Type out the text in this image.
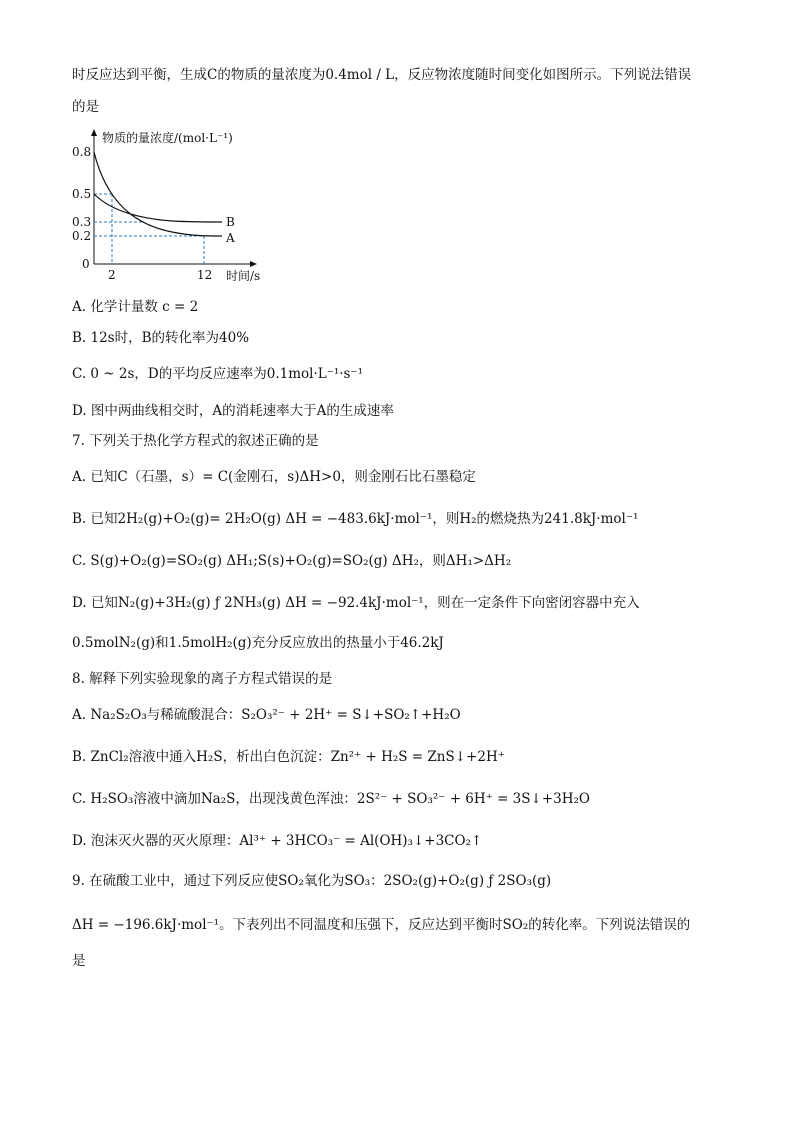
时反应达到平衡，生成C的物质的量浓度为0.4mol / L，反应物浓度随时间变化如图所示。下列说法错误
的是
物质的量浓度/(mol·L⁻¹)
时间/s
0
0.8
0.5
0.3
0.2
2	12
B
A
A. 化学计量数 c = 2
B. 12s时，B的转化率为40%
C. 0 ~ 2s，D的平均反应速率为0.1mol·L⁻¹·s⁻¹
D. 图中两曲线相交时，A的消耗速率大于A的生成速率
7. 下列关于热化学方程式的叙述正确的是
A. 已知C（石墨，s）= C(金刚石，s)ΔH>0，则金刚石比石墨稳定
B. 已知2H₂(g)+O₂(g)= 2H₂O(g) ΔH = −483.6kJ·mol⁻¹，则H₂的燃烧热为241.8kJ·mol⁻¹
C. S(g)+O₂(g)=SO₂(g) ΔH₁;S(s)+O₂(g)=SO₂(g) ΔH₂，则ΔH₁>ΔH₂
D. 已知N₂(g)+3H₂(g) ƒ 2NH₃(g) ΔH = −92.4kJ·mol⁻¹，则在一定条件下向密闭容器中充入
0.5molN₂(g)和1.5molH₂(g)充分反应放出的热量小于46.2kJ
8. 解释下列实验现象的离子方程式错误的是
A. Na₂S₂O₃与稀硫酸混合：S₂O₃²⁻ + 2H⁺ = S↓+SO₂↑+H₂O
B. ZnCl₂溶液中通入H₂S，析出白色沉淀：Zn²⁺ + H₂S = ZnS↓+2H⁺
C. H₂SO₃溶液中滴加Na₂S，出现浅黄色浑浊：2S²⁻ + SO₃²⁻ + 6H⁺ = 3S↓+3H₂O
D. 泡沫灭火器的灭火原理：Al³⁺ + 3HCO₃⁻ = Al(OH)₃↓+3CO₂↑
9. 在硫酸工业中，通过下列反应使SO₂氧化为SO₃：2SO₂(g)+O₂(g) ƒ 2SO₃(g)
ΔH = −196.6kJ·mol⁻¹。下表列出不同温度和压强下，反应达到平衡时SO₂的转化率。下列说法错误的
是
